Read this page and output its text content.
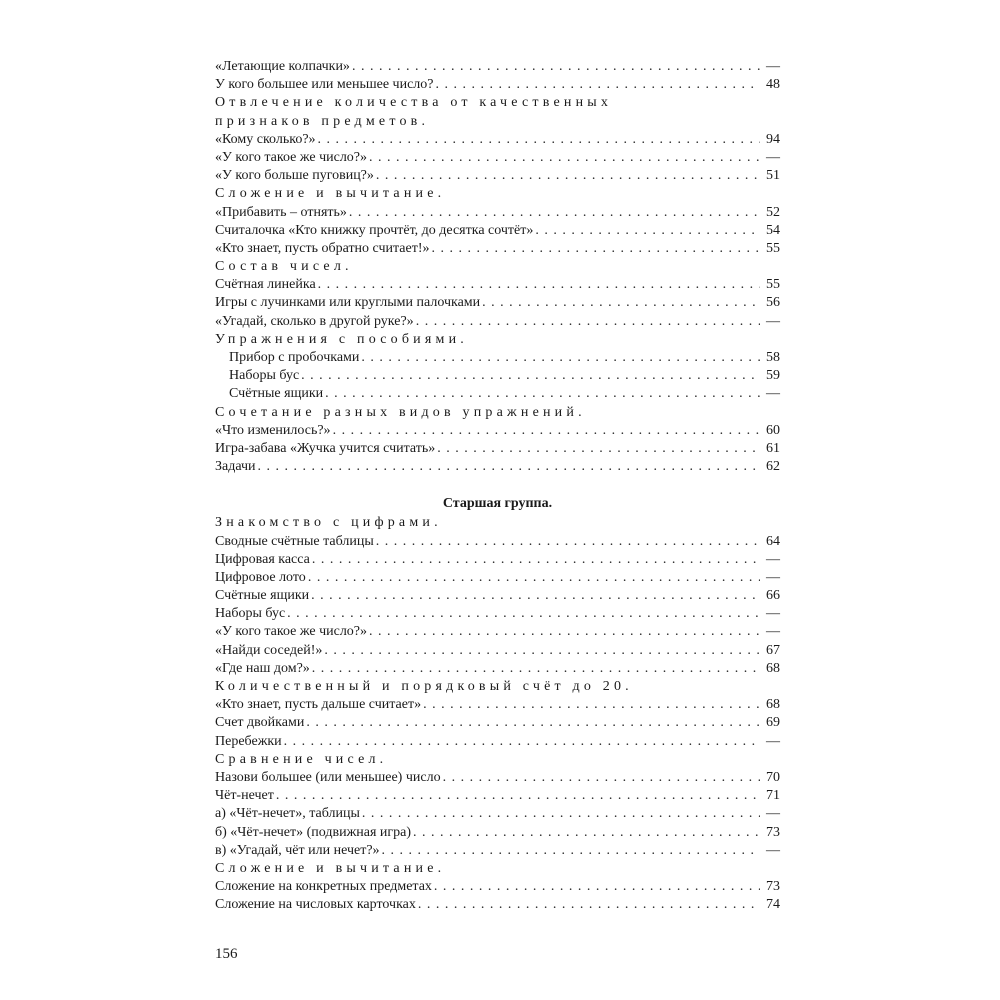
«Летающие колпачки» . . .	—
У кого большее или меньшее число? . . .	48
Отвлечение количества от качественных
признаков предметов.
«Кому сколько?» . . .	94
«У кого такое же число?» . . .	—
«У кого больше пуговиц?» . . .	51
Сложение и вычитание.
«Прибавить – отнять» . . .	52
Считалочка «Кто книжку прочтёт, до десятка сочтёт» . . .	54
«Кто знает, пусть обратно считает!» . . .	55
Состав чисел.
Счётная линейка . . .	55
Игры с лучинками или круглыми палочками . . .	56
«Угадай, сколько в другой руке?» . . .	—
Упражнения с пособиями.
Прибор с пробочками . . .	58
Наборы бус . . .	59
Счётные ящики . . .	—
Сочетание разных видов упражнений.
«Что изменилось?» . . .	60
Игра-забава «Жучка учится считать» . . .	61
Задачи . . .	62
Старшая группа.
Знакомство с цифрами.
Сводные счётные таблицы . . .	64
Цифровая касса . . .	—
Цифровое лото . . .	—
Счётные ящики . . .	66
Наборы бус . . .	—
«У кого такое же число?» . . .	—
«Найди соседей!» . . .	67
«Где наш дом?» . . .	68
Количественный и порядковый счёт до 20.
«Кто знает, пусть дальше считает» . . .	68
Счет двойками . . .	69
Перебежки . . .	—
Сравнение чисел.
Назови большее (или меньшее) число . . .	70
Чёт-нечет . . .	71
а) «Чёт-нечет», таблицы . . .	—
б) «Чёт-нечет» (подвижная игра) . . .	73
в) «Угадай, чёт или нечет?» . . .	—
Сложение и вычитание.
Сложение на конкретных предметах . . .	73
Сложение на числовых карточках . . .	74
156
